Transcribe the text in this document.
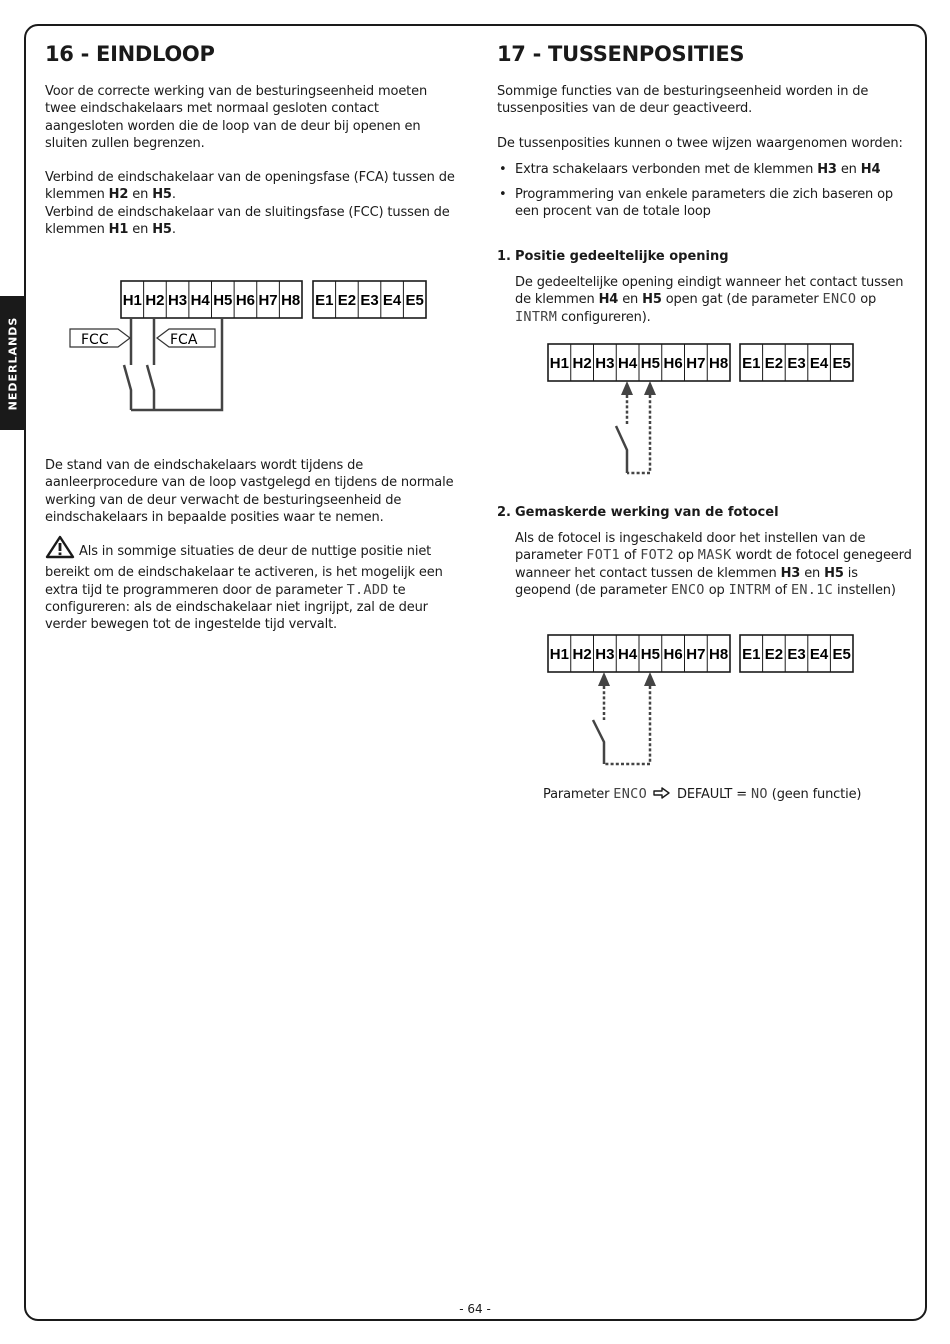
NEDERLANDS
16 - EINDLOOP

Voor de correcte werking van de besturingseenheid moeten twee eindschakelaars met normaal gesloten contact aangesloten worden die de loop van de deur bij openen en sluiten zullen begrenzen.

Verbind de eindschakelaar van de openingsfase (FCA) tussen de klemmen H2 en H5.
Verbind de eindschakelaar van de sluitingsfase (FCC) tussen de klemmen H1 en H5.

H1 H2 H3 H4 H5 H6 H7 H8 E1 E2 E3 E4 E5
FCC	FCA
H1 H2 H3 H4 H5 H6 H7 H8 E1 E2 E3 E4 E5
H1 H2 H3 H4 H5 H6 H7 H8 E1 E2 E3 E4 E5

De stand van de eindschakelaars wordt tijdens de aanleerprocedure van de loop vastgelegd en tijdens de normale werking van de deur verwacht de besturingseenheid de eindschakelaars in bepaalde posities waar te nemen.

Als in sommige situaties de deur de nuttige positie niet bereikt om de eindschakelaar te activeren, is het mogelijk een extra tijd te programmeren door de parameter T.ADD te configureren: als de eindschakelaar niet ingrijpt, zal de deur verder bewegen tot de ingestelde tijd vervalt.

17 - TUSSENPOSITIES

Sommige functies van de besturingseenheid worden in de tussenposities van de deur geactiveerd.

De tussenposities kunnen o twee wijzen waargenomen worden:

• Extra schakelaars verbonden met de klemmen H3 en H4
• Programmering van enkele parameters die zich baseren op een procent van de totale loop
1. Positie gedeeltelijke opening

De gedeeltelijke opening eindigt wanneer het contact tussen de klemmen H4 en H5 open gat (de parameter ENCO op INTRM configureren).

2. Gemaskerde werking van de fotocel

Als de fotocel is ingeschakeld door het instellen van de parameter FOT1 of FOT2 op MASK wordt de fotocel genegeerd wanneer het contact tussen de klemmen H3 en H5 is geopend (de parameter ENCO op INTRM of EN.1C instellen)

Parameter ENCO  DEFAULT = NO (geen functie)

- 64 -
